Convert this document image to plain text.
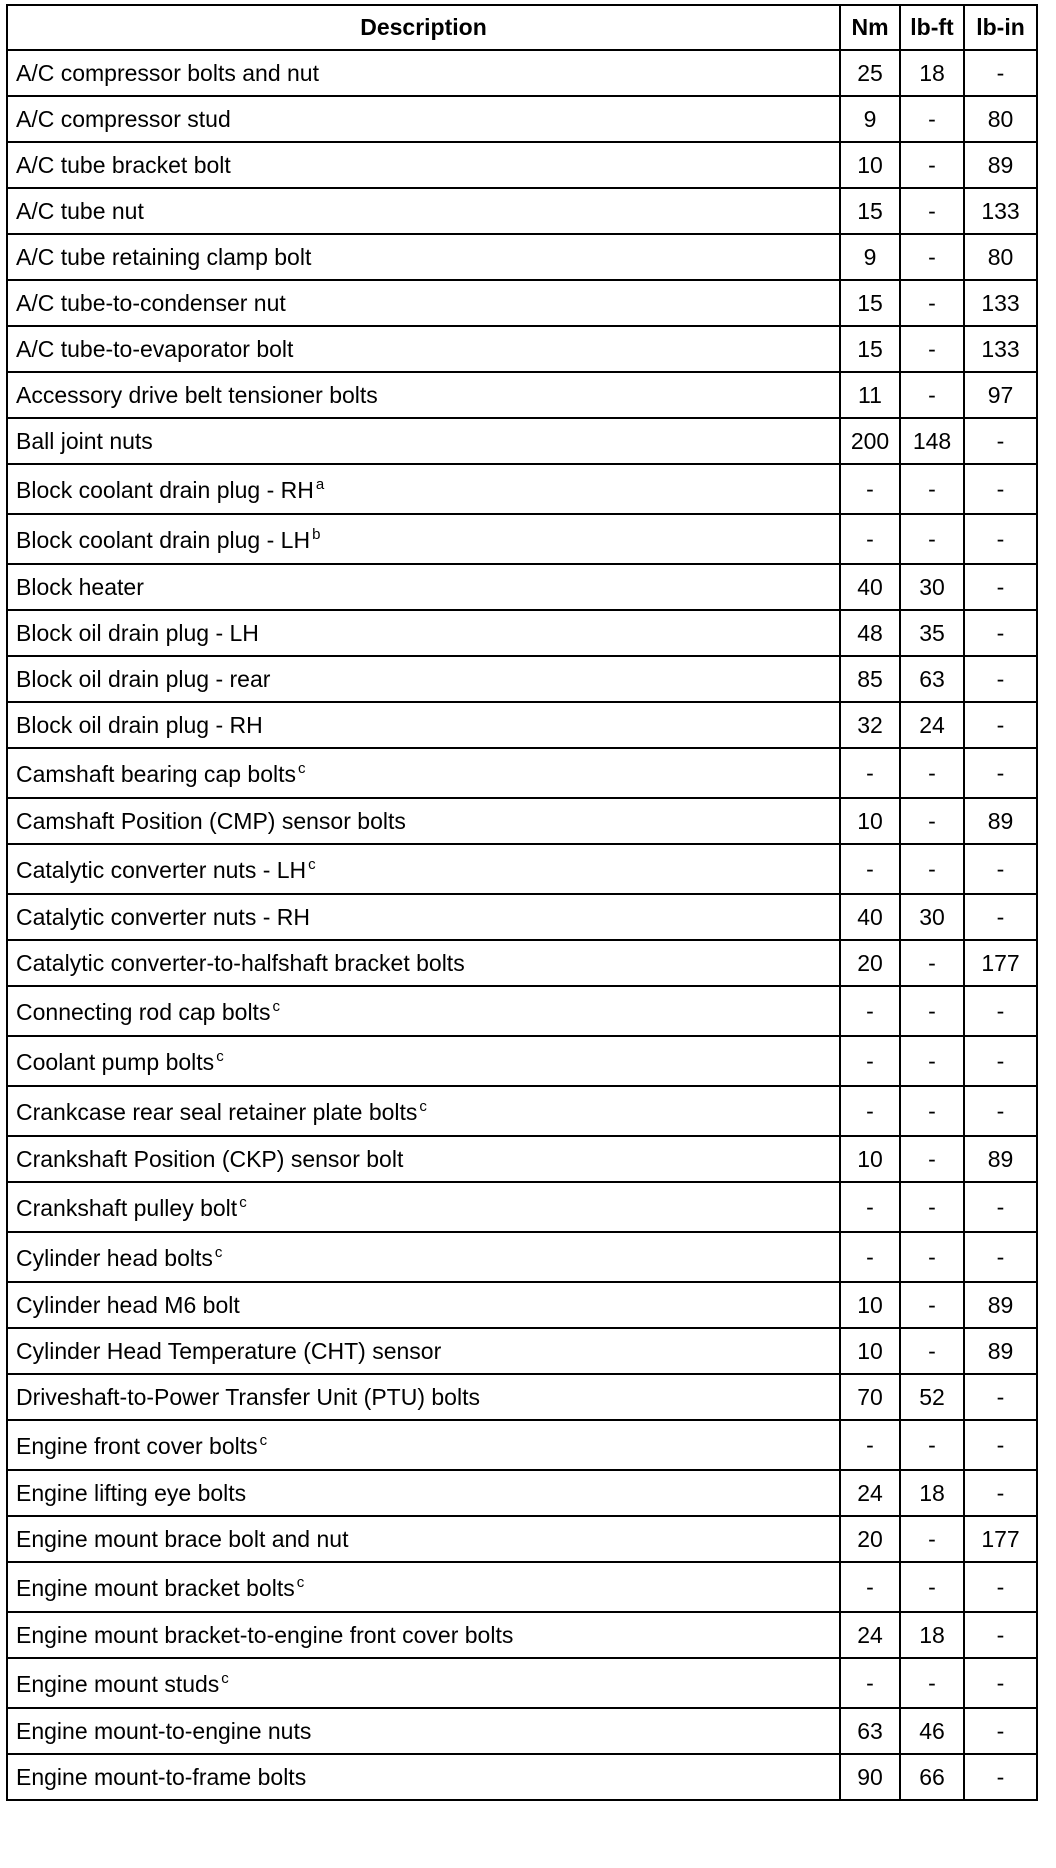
Description	Nm	lb-ft	lb-in
A/C compressor bolts and nut	25	18	-
A/C compressor stud	9	-	80
A/C tube bracket bolt	10	-	89
A/C tube nut	15	-	133
A/C tube retaining clamp bolt	9	-	80
A/C tube-to-condenser nut	15	-	133
A/C tube-to-evaporator bolt	15	-	133
Accessory drive belt tensioner bolts	11	-	97
Ball joint nuts	200	148	-
Block coolant drain plug - RH $^a$	-	-	-
Block coolant drain plug - LH $^b$	-	-	-
Block heater	40	30	-
Block oil drain plug - LH	48	35	-
Block oil drain plug - rear	85	63	-
Block oil drain plug - RH	32	24	-
Camshaft bearing cap bolts $^c$	-	-	-
Camshaft Position (CMP) sensor bolts	10	-	89
Catalytic converter nuts - LH $^c$	-	-	-
Catalytic converter nuts - RH	40	30	-
Catalytic converter-to-halfshaft bracket bolts	20	-	177
Connecting rod cap bolts $^c$	-	-	-
Coolant pump bolts $^c$	-	-	-
Crankcase rear seal retainer plate bolts $^c$	-	-	-
Crankshaft Position (CKP) sensor bolt	10	-	89
Crankshaft pulley bolt $^c$	-	-	-
Cylinder head bolts $^c$	-	-	-
Cylinder head M6 bolt	10	-	89
Cylinder Head Temperature (CHT) sensor	10	-	89
Driveshaft-to-Power Transfer Unit (PTU) bolts	70	52	-
Engine front cover bolts $^c$	-	-	-
Engine lifting eye bolts	24	18	-
Engine mount brace bolt and nut	20	-	177
Engine mount bracket bolts $^c$	-	-	-
Engine mount bracket-to-engine front cover bolts	24	18	-
Engine mount studs $^c$	-	-	-
Engine mount-to-engine nuts	63	46	-
Engine mount-to-frame bolts	90	66	-
